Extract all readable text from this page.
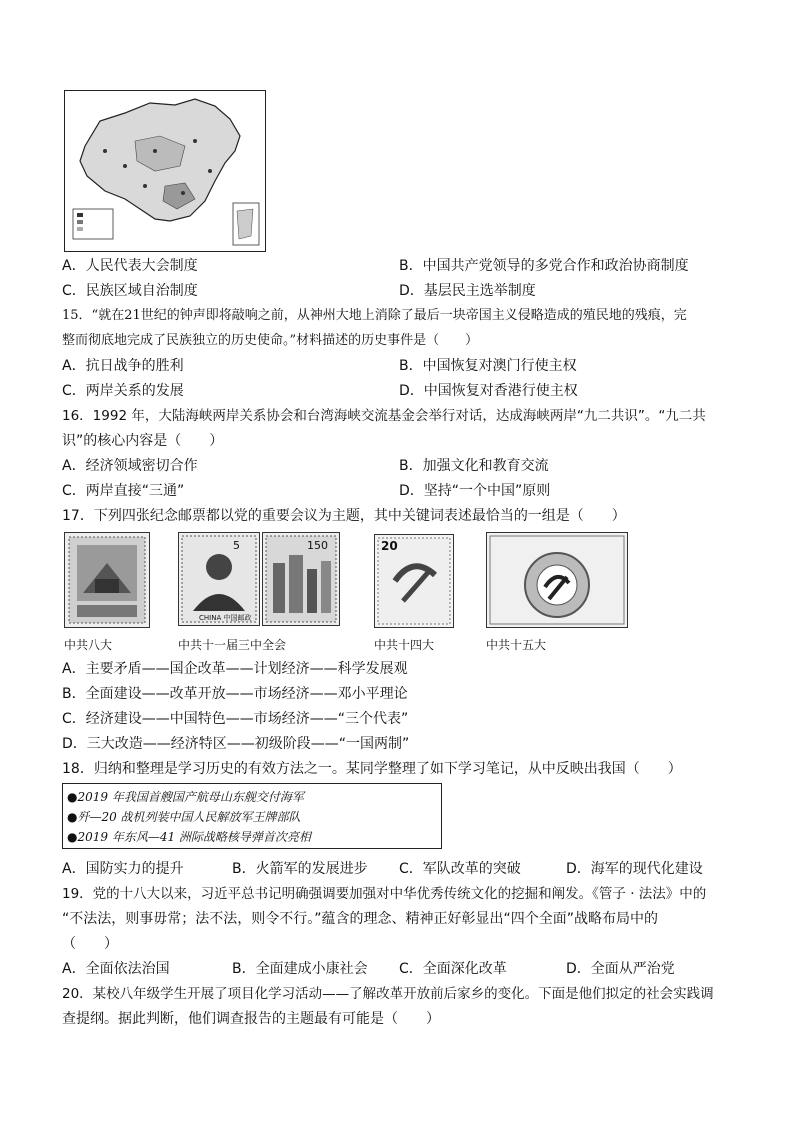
A．人民代表大会制度	B．中国共产党领导的多党合作和政治协商制度
C．民族区域自治制度	D．基层民主选举制度
15．“就在21世纪的钟声即将敲响之前，从神州大地上消除了最后一块帝国主义侵略造成的殖民地的残痕，完
整而彻底地完成了民族独立的历史使命。”材料描述的历史事件是（　　）
A．抗日战争的胜利	B．中国恢复对澳门行使主权
C．两岸关系的发展	D．中国恢复对香港行使主权
16．1992 年，大陆海峡两岸关系协会和台湾海峡交流基金会举行对话，达成海峡两岸“九二共识”。“九二共
识”的核心内容是（　　）
A．经济领域密切合作	B．加强文化和教育交流
C．两岸直接“三通”	D．坚持“一个中国”原则
17．下列四张纪念邮票都以党的重要会议为主题，其中关键词表述最恰当的一组是（　　）
5
CHINA 中国邮政
150	20
中共八大	中共十一届三中全会	中共十四大	中共十五大
A．主要矛盾——国企改革——计划经济——科学发展观
B．全面建设——改革开放——市场经济——邓小平理论
C．经济建设——中国特色——市场经济——“三个代表”
D．三大改造——经济特区——初级阶段——“一国两制”
18．归纳和整理是学习历史的有效方法之一。某同学整理了如下学习笔记，从中反映出我国（　　）
●2019 年我国首艘国产航母山东舰交付海军
●歼—20 战机列装中国人民解放军王牌部队
●2019 年东风—41 洲际战略核导弹首次亮相
A．国防实力的提升	B．火箭军的发展进步 C．军队改革的突破	D．海军的现代化建设
19．党的十八大以来，习近平总书记明确强调要加强对中华优秀传统文化的挖掘和阐发。《管子 · 法法》中的
“不法法，则事毋常；法不法，则令不行。”蕴含的理念、精神正好彰显出“四个全面”战略布局中的
（　　）
A．全面依法治国	B．全面建成小康社会 C．全面深化改革	D．全面从严治党
20．某校八年级学生开展了项目化学习活动——了解改革开放前后家乡的变化。下面是他们拟定的社会实践调
查提纲。据此判断，他们调查报告的主题最有可能是（　　）
